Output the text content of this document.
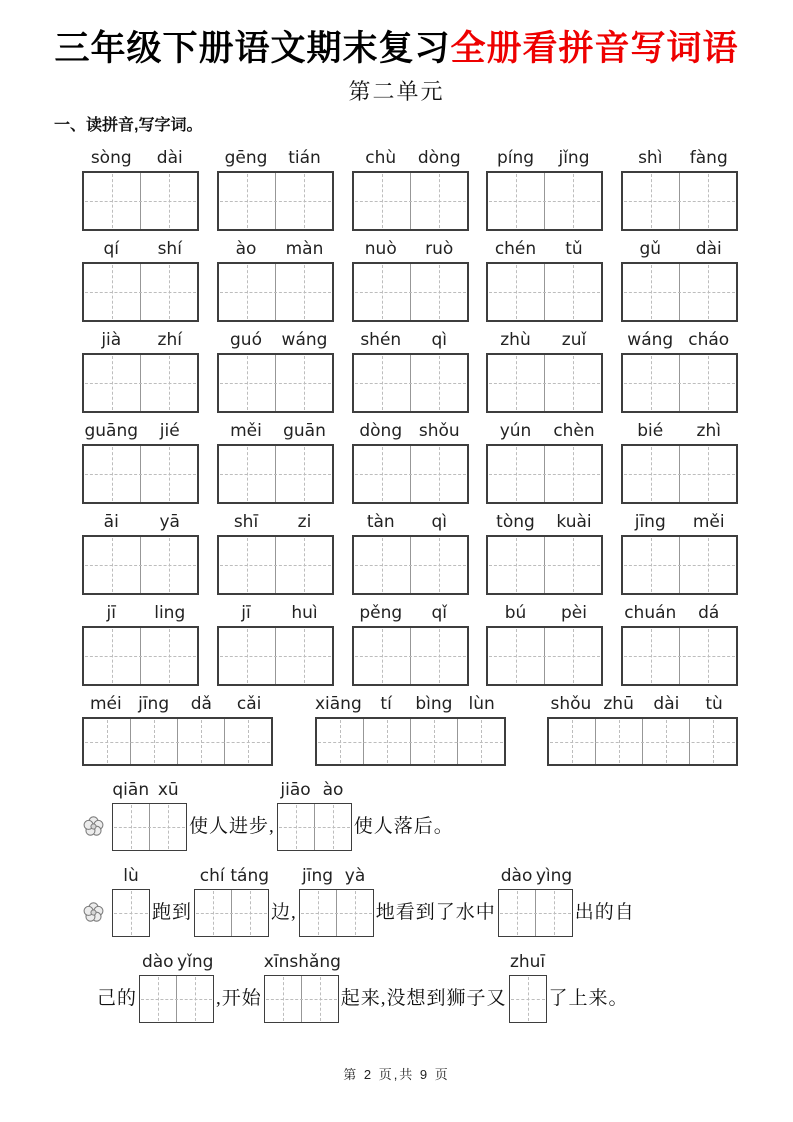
三年级下册语文期末复习全册看拼音写词语
第二单元
一、读拼音,写字词。
sòng	dài	gēng	tián	chù	dòng	píng	jǐng	shì	fàng
qí	shí	ào	màn	nuò	ruò	chén	tǔ	gǔ	dài
jià	zhí	guó	wáng	shén	qì	zhù	zuǐ	wáng cháo
guāng	jié	měi	guān	dòng shǒu	yún	chèn	bié	zhì
āi	yā	shī	zi	tàn	qì	tòng	kuài	jīng	měi
jī	ling	jī	huì	pěng	qǐ	bú	pèi	chuán	dá
méi jīng	dǎ	cǎi	xiāng	tí	bìng lùn	shǒu zhū	dài	tù
qiān xū
使人进步,
jiāo ào
使人落后。
lù
跑到
chí táng
边,
jīng yà
地看到了水中
dào yìng
出的自
己的
dào yǐng
,开始
xīn shǎng
起来,没想到狮子又
zhuī
了上来。
第 2 页,共 9 页
